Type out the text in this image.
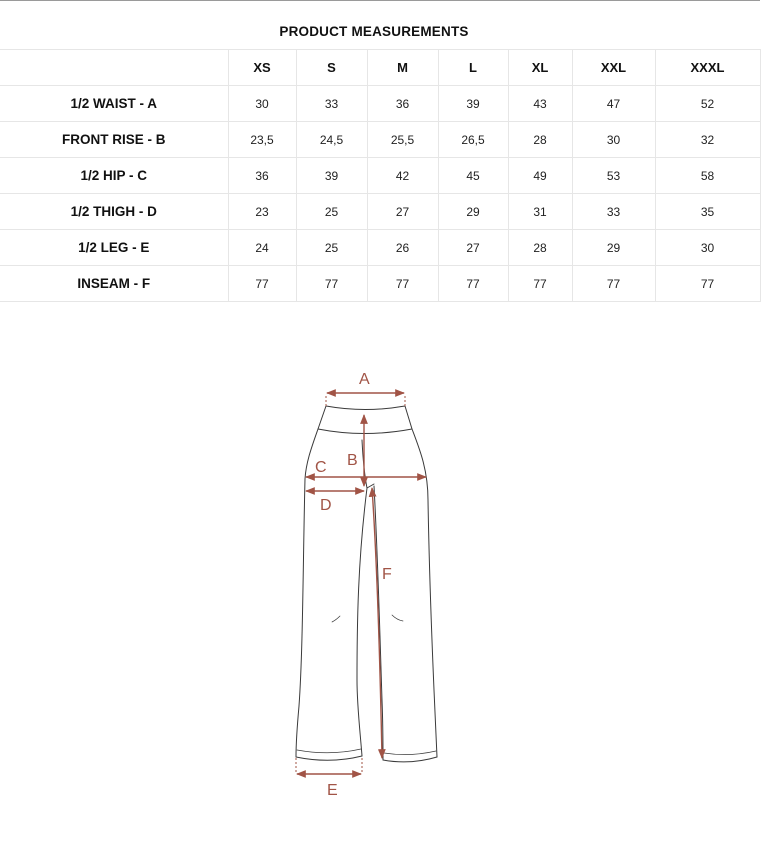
PRODUCT MEASUREMENTS
	XS	S	M	L	XL	XXL	XXXL
1/2 WAIST - A	30	33	36	39	43	47	52
FRONT RISE - B	23,5	24,5	25,5	26,5	28	30	32
1/2 HIP - C	36	39	42	45	49	53	58
1/2 THIGH - D	23	25	27	29	31	33	35
1/2 LEG - E	24	25	26	27	28	29	30
INSEAM - F	77	77	77	77	77	77	77
A
B
C
D
F
E
